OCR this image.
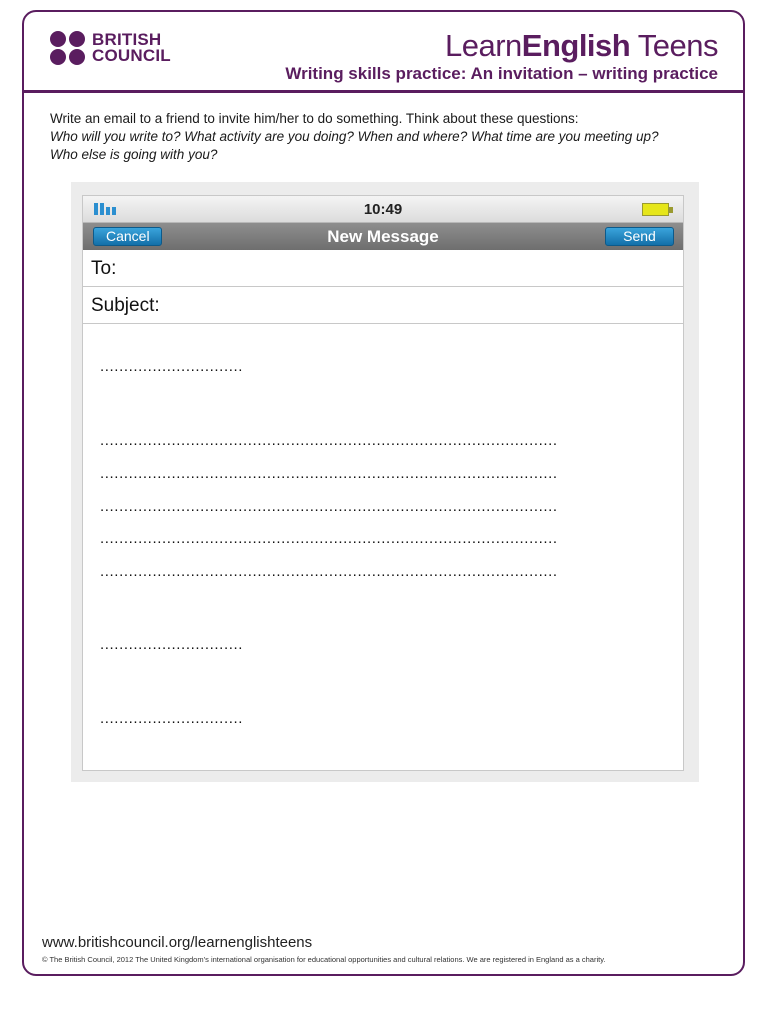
BRITISH
COUNCIL	LearnEnglish Teens
Writing skills practice: An invitation – writing practice
Write an email to a friend to invite him/her to do something. Think about these questions:
Who will you write to? What activity are you doing? When and where? What time are you meeting up?
Who else is going with you?
10:49
Cancel	New Message	Send
To:
Subject:
..............................
................................................................................................
................................................................................................
................................................................................................
................................................................................................
................................................................................................
..............................
..............................
www.britishcouncil.org/learnenglishteens
© The British Council, 2012 The United Kingdom’s international organisation for educational opportunities and cultural relations. We are registered in England as a charity.
